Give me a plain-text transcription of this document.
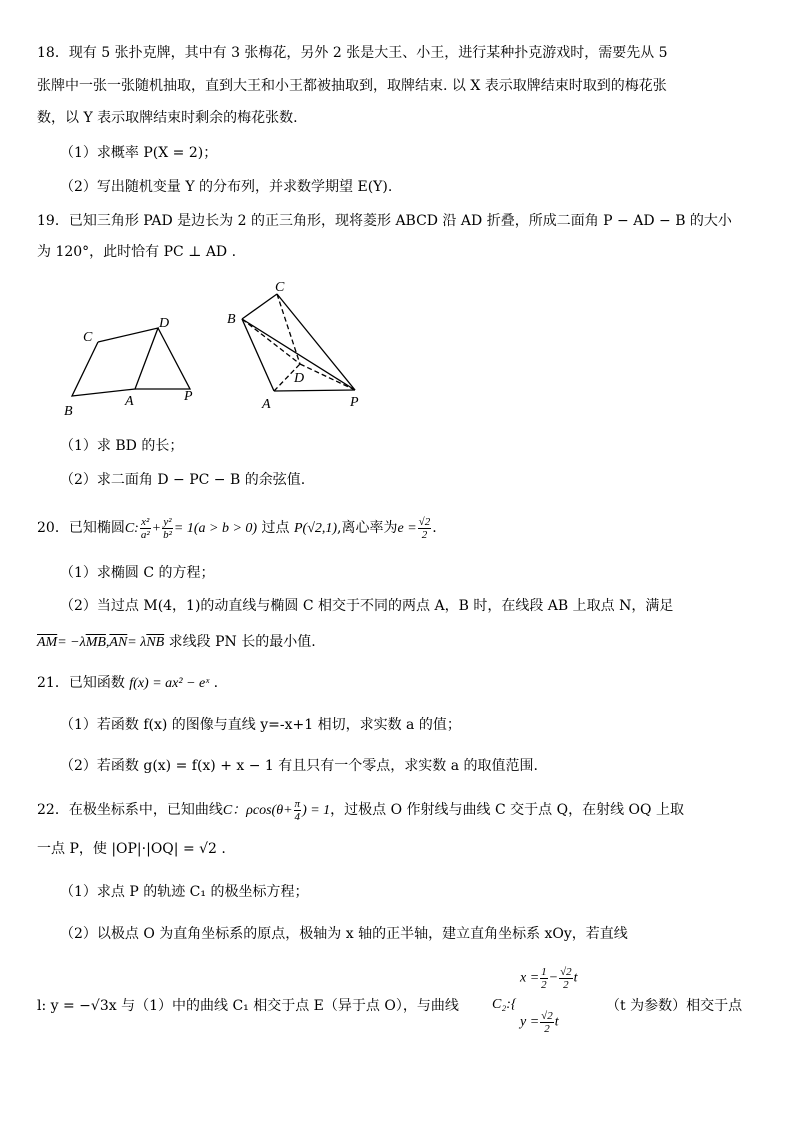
18．现有 5 张扑克牌，其中有 3 张梅花，另外 2 张是大王、小王，进行某种扑克游戏时，需要先从 5
张牌中一张一张随机抽取，直到大王和小王都被抽取到，取牌结束. 以 X 表示取牌结束时取到的梅花张
数，以 Y 表示取牌结束时剩余的梅花张数.
（1）求概率 P(X = 2)；
（2）写出随机变量 Y 的分布列，并求数学期望 E(Y).
19．已知三角形 PAD 是边长为 2 的正三角形，现将菱形 ABCD 沿 AD 折叠，所成二面角 P − AD − B 的大小
为 120°，此时恰有 PC ⊥ AD .
C
D
B
A	P
C
B
D
A	P
（1）求 BD 的长；
（2）求二面角 D − PC − B 的余弦值.
20．已知椭圆C: $\frac{\text{x²}}{\text{a²}} + \frac{\text{y²}}{\text{b²}} = 1(a > b > 0)$ 过点 P(√2,1),离心率为$e = \frac{√2}{2}$ .
（1）求椭圆 C 的方程；
（2）当过点 M(4，1)的动直线与椭圆 C 相交于不同的两点 A，B 时，在线段 AB 上取点 N，满足
$\overline{AM}= -\lambda\overline{MB},\overline{AN}= \lambda\overline{NB}$ 求线段 PN 长的最小值.
21．已知函数 f(x) = ax² − eˣ .
（1）若函数 f(x) 的图像与直线 y=-x+1 相切，求实数 a 的值；
（2）若函数 g(x) = f(x) + x − 1 有且只有一个零点，求实数 a 的取值范围.
22．在极坐标系中，已知曲线C：$\rho\cos(\theta+ \frac{\pi}{4}$ ) = 1，过极点 O 作射线与曲线 C 交于点 Q，在射线 OQ 上取
一点 P，使 |OP|·|OQ| = √2 .
（1）求点 P 的轨迹 C₁ 的极坐标方程；
（2）以极点 O 为直角坐标系的原点，极轴为 x 轴的正半轴，建立直角坐标系 xOy，若直线
l: y = −√3x 与（1）中的曲线 C₁ 相交于点 E（异于点 O），与曲线 C₂:{
$x = \frac{1}{2} - \frac{√2}{2}$ t
$y = \frac{√2}{2}$ t
（t 为参数）相交于点
